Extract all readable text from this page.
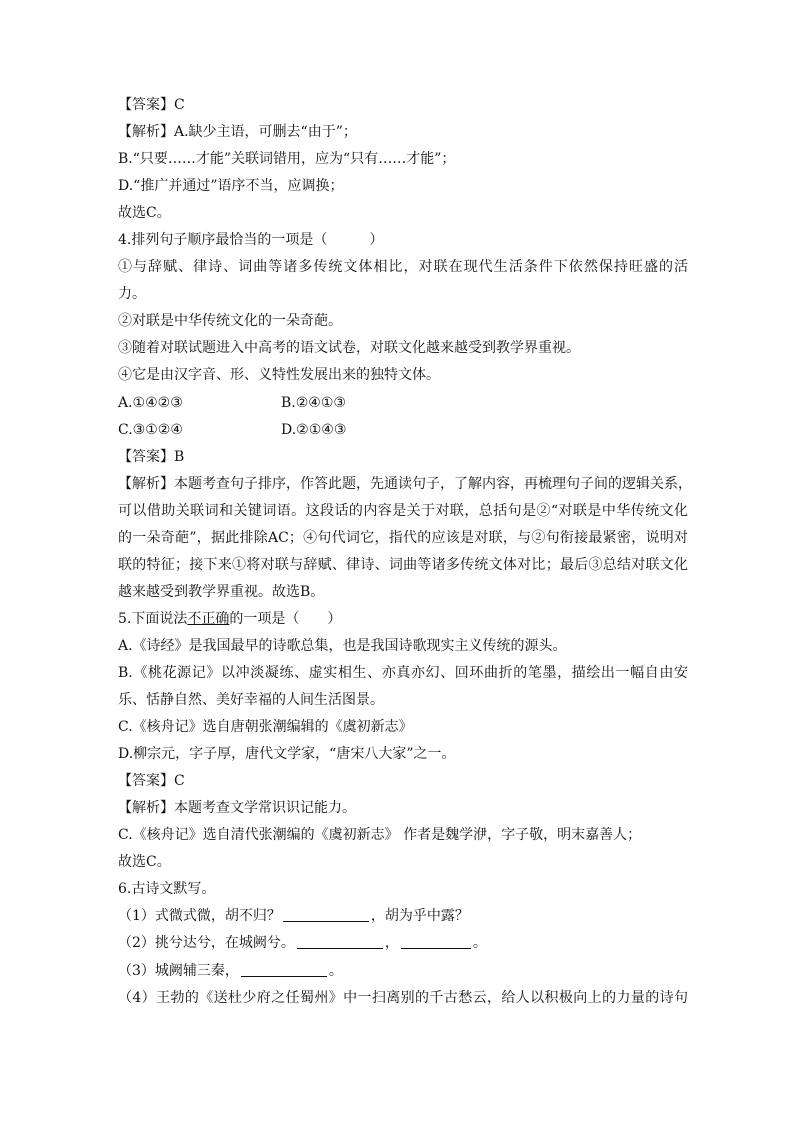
【答案】C
【解析】A.缺少主语，可删去“由于”；
B.“只要……才能”关联词错用，应为“只有……才能”；
D.“推广并通过”语序不当，应调换；
故选C。
4.排列句子顺序最恰当的一项是（　　　）
①与辞赋、律诗、词曲等诸多传统文体相比，对联在现代生活条件下依然保持旺盛的活
力。
②对联是中华传统文化的一朵奇葩。
③随着对联试题进入中高考的语文试卷，对联文化越来越受到教学界重视。
④它是由汉字音、形、义特性发展出来的独特文体。
A.①④②③	B.②④①③
C.③①②④	D.②①④③
【答案】B
【解析】本题考查句子排序，作答此题，先通读句子，了解内容，再梳理句子间的逻辑关系，
可以借助关联词和关键词语。这段话的内容是关于对联，总括句是②“对联是中华传统文化
的一朵奇葩”，据此排除AC；④句代词它，指代的应该是对联，与②句衔接最紧密，说明对
联的特征；接下来①将对联与辞赋、律诗、词曲等诸多传统文体对比；最后③总结对联文化
越来越受到教学界重视。故选B。
5.下面说法不正确的一项是（　　）
A.《诗经》是我国最早的诗歌总集，也是我国诗歌现实主义传统的源头。
B.《桃花源记》以冲淡凝练、虚实相生、亦真亦幻、回环曲折的笔墨，描绘出一幅自由安
乐、恬静自然、美好幸福的人间生活图景。
C.《核舟记》选自唐朝张潮编辑的《虞初新志》
D.柳宗元，字子厚，唐代文学家，“唐宋八大家”之一。
【答案】C
【解析】本题考查文学常识识记能力。
C.《核舟记》选自清代张潮编的《虞初新志》 作者是魏学洢，字子敬，明末嘉善人；
故选C。
6.古诗文默写。
（1）式微式微，胡不归？	，胡为乎中露？
（2）挑兮达兮，在城阙兮。	，	。
（3）城阙辅三秦，	。
（4）王勃的《送杜少府之任蜀州》中一扫离别的千古愁云，给人以积极向上的力量的诗句
